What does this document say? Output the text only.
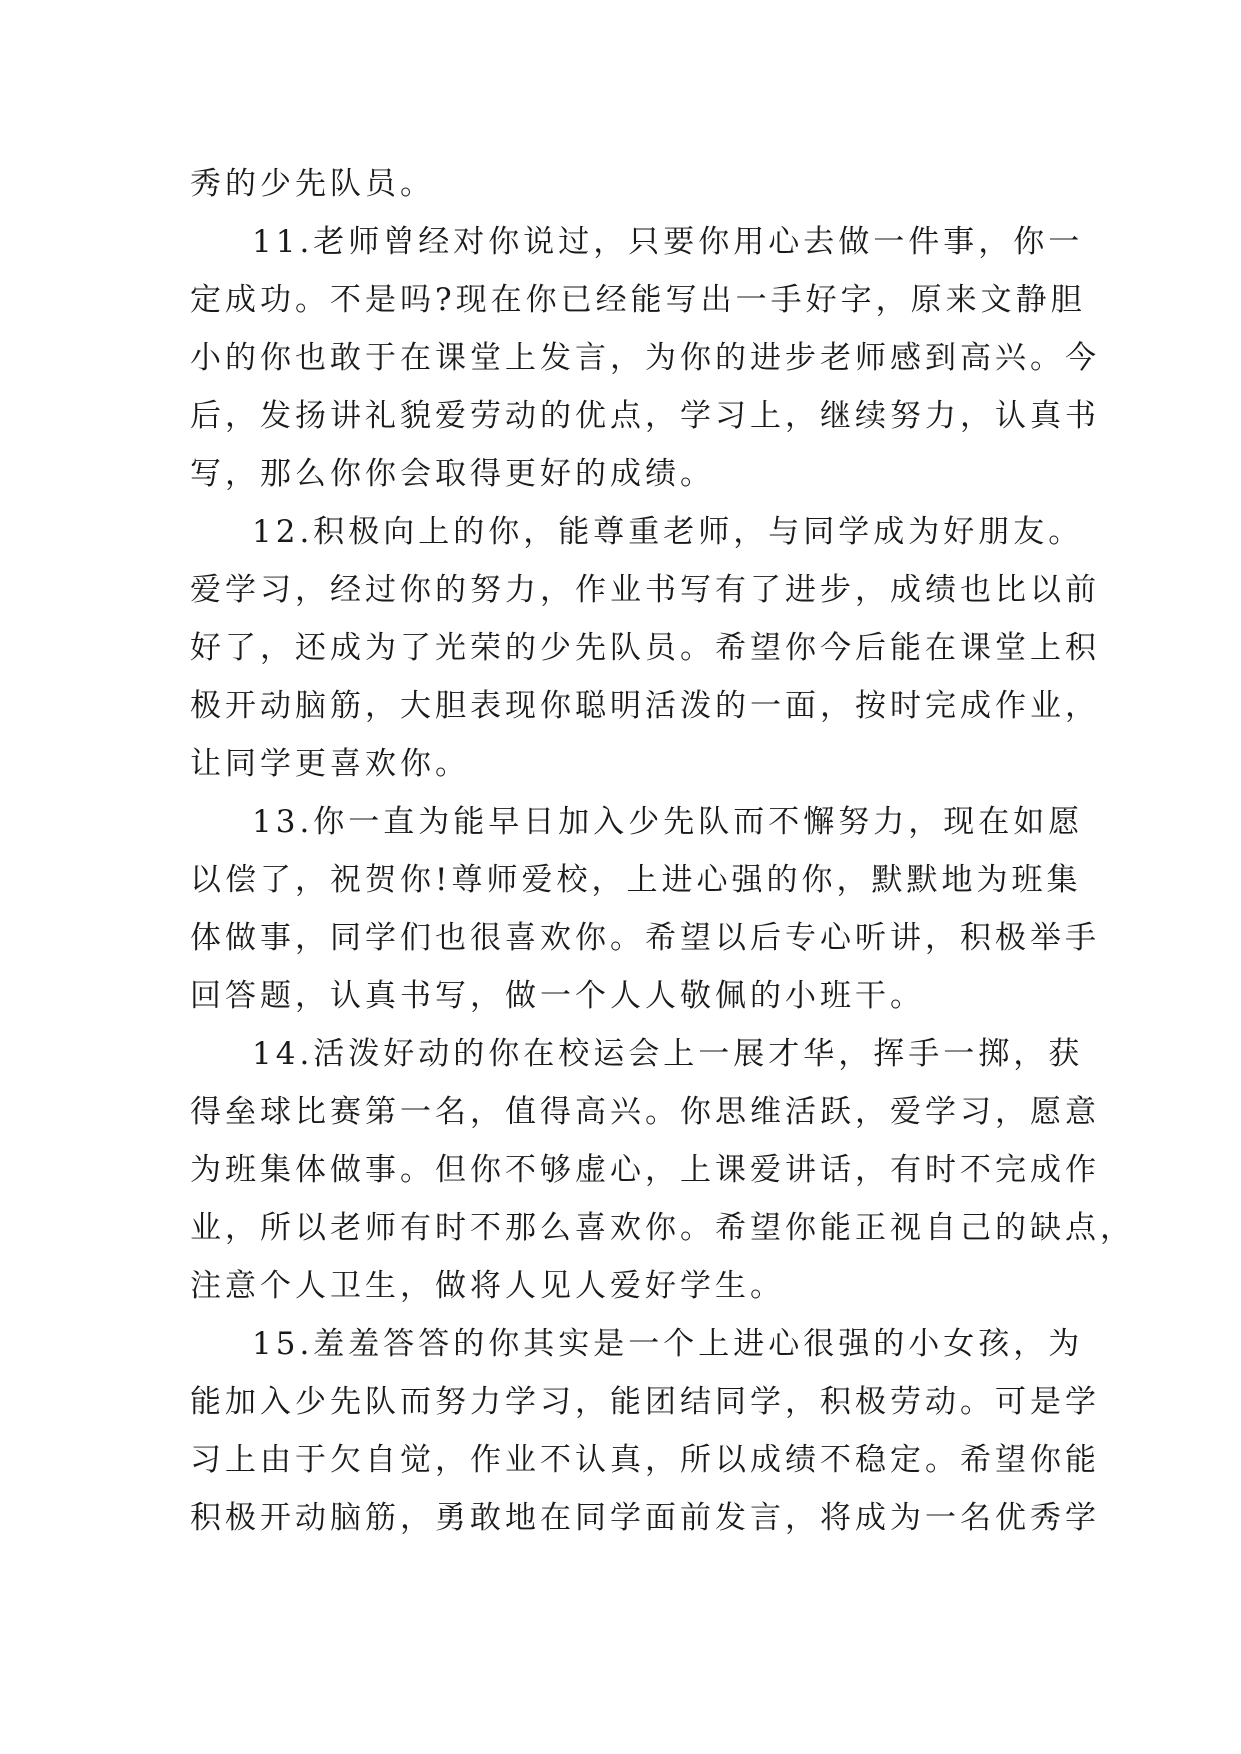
秀的少先队员。
11.老师曾经对你说过，只要你用心去做一件事，你一
定成功。不是吗?现在你已经能写出一手好字，原来文静胆
小的你也敢于在课堂上发言，为你的进步老师感到高兴。今
后，发扬讲礼貌爱劳动的优点，学习上，继续努力，认真书
写，那么你你会取得更好的成绩。
12.积极向上的你，能尊重老师，与同学成为好朋友。
爱学习，经过你的努力，作业书写有了进步，成绩也比以前
好了，还成为了光荣的少先队员。希望你今后能在课堂上积
极开动脑筋，大胆表现你聪明活泼的一面，按时完成作业，
让同学更喜欢你。
13.你一直为能早日加入少先队而不懈努力，现在如愿
以偿了，祝贺你!尊师爱校，上进心强的你，默默地为班集
体做事，同学们也很喜欢你。希望以后专心听讲，积极举手
回答题，认真书写，做一个人人敬佩的小班干。
14.活泼好动的你在校运会上一展才华，挥手一掷，获
得垒球比赛第一名，值得高兴。你思维活跃，爱学习，愿意
为班集体做事。但你不够虚心，上课爱讲话，有时不完成作
业，所以老师有时不那么喜欢你。希望你能正视自己的缺点，
注意个人卫生，做将人见人爱好学生。
15.羞羞答答的你其实是一个上进心很强的小女孩，为
能加入少先队而努力学习，能团结同学，积极劳动。可是学
习上由于欠自觉，作业不认真，所以成绩不稳定。希望你能
积极开动脑筋，勇敢地在同学面前发言，将成为一名优秀学
